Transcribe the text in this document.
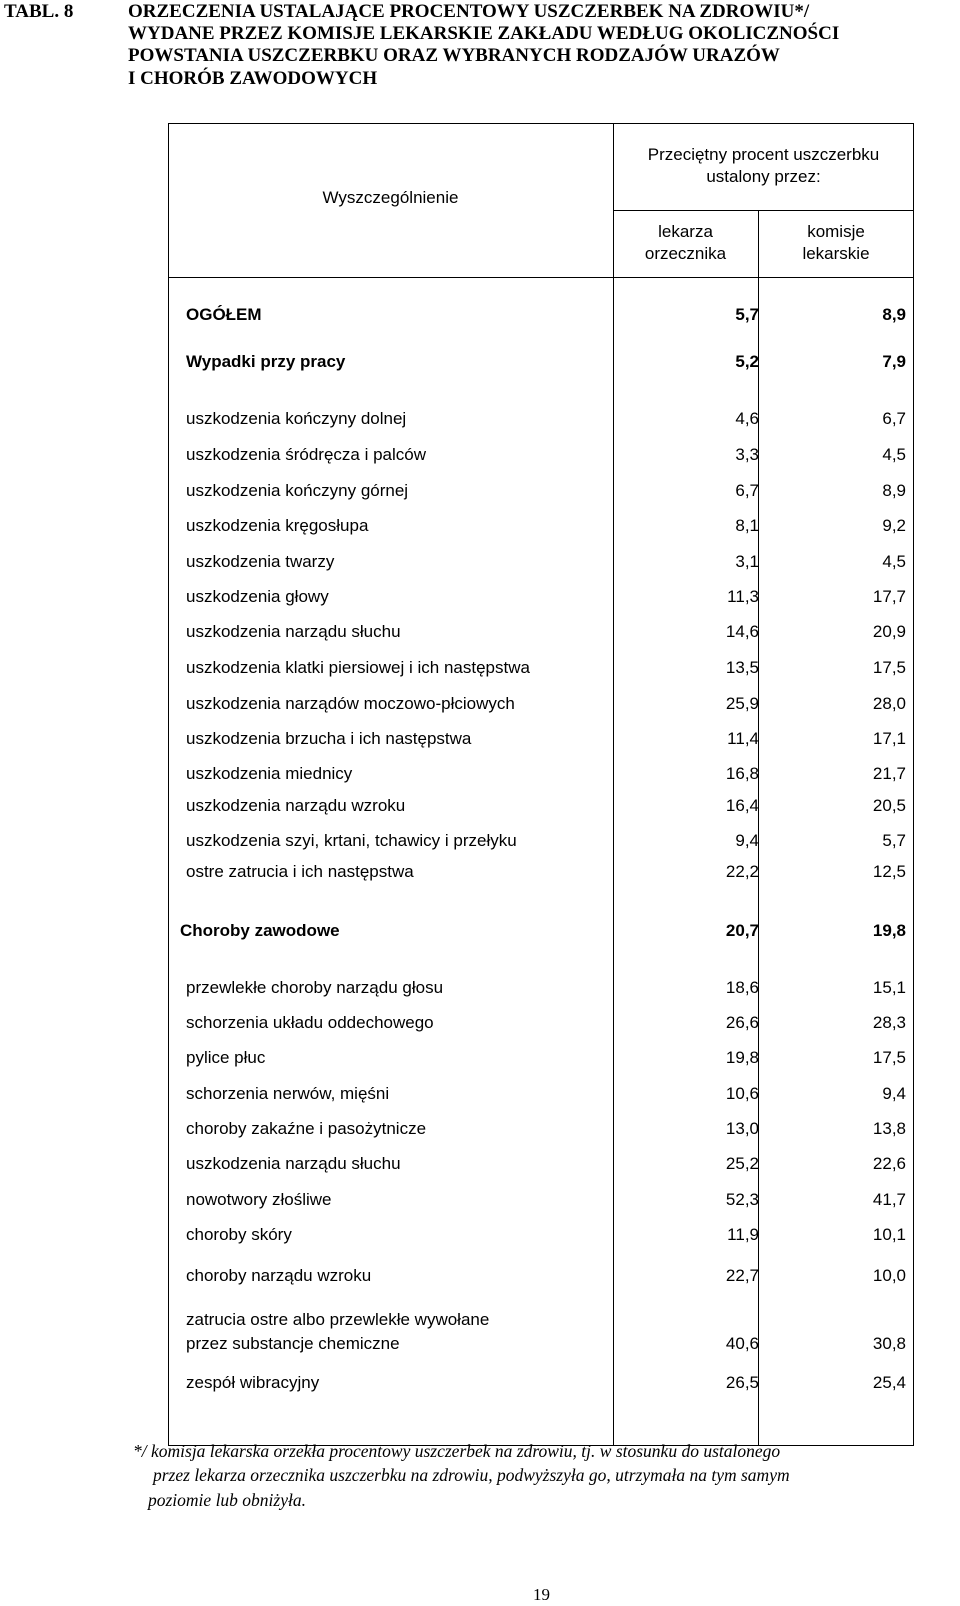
TABL. 8	ORZECZENIA USTALAJĄCE PROCENTOWY USZCZERBEK NA ZDROWIU*/
WYDANE PRZEZ KOMISJE LEKARSKIE ZAKŁADU WEDŁUG OKOLICZNOŚCI
POWSTANIA USZCZERBKU ORAZ WYBRANYCH RODZAJÓW URAZÓW
I CHORÓB ZAWODOWYCH
Wyszczególnienie
Przeciętny procent uszczerbku
ustalony przez:
lekarza
orzecznika
komisje
lekarskie
OGÓŁEM	5,7	8,9
Wypadki przy pracy	5,2	7,9
uszkodzenia kończyny dolnej	4,6	6,7
uszkodzenia śródręcza i palców	3,3	4,5
uszkodzenia kończyny górnej	6,7	8,9
uszkodzenia kręgosłupa	8,1	9,2
uszkodzenia twarzy	3,1	4,5
uszkodzenia głowy	11,3	17,7
uszkodzenia narządu słuchu	14,6	20,9
uszkodzenia klatki piersiowej i ich następstwa	13,5	17,5
uszkodzenia narządów moczowo-płciowych	25,9	28,0
uszkodzenia brzucha i ich następstwa	11,4	17,1
uszkodzenia miednicy	16,8	21,7
uszkodzenia narządu wzroku	16,4	20,5
uszkodzenia szyi, krtani, tchawicy i przełyku	9,4	5,7
ostre zatrucia i ich następstwa	22,2	12,5
Choroby zawodowe	20,7	19,8
przewlekłe choroby narządu głosu	18,6	15,1
schorzenia układu oddechowego	26,6	28,3
pylice płuc	19,8	17,5
schorzenia nerwów, mięśni	10,6	9,4
choroby zakaźne i pasożytnicze	13,0	13,8
uszkodzenia narządu słuchu	25,2	22,6
nowotwory złośliwe	52,3	41,7
choroby skóry	11,9	10,1
choroby narządu wzroku	22,7	10,0
zatrucia ostre albo przewlekłe wywołane
przez substancje chemiczne	40,6	30,8
zespół wibracyjny	26,5	25,4
*/ komisja lekarska orzekła procentowy uszczerbek na zdrowiu, tj. w stosunku do ustalonego
przez lekarza orzecznika uszczerbku na zdrowiu, podwyższyła go, utrzymała na tym samym
poziomie lub obniżyła.
19
